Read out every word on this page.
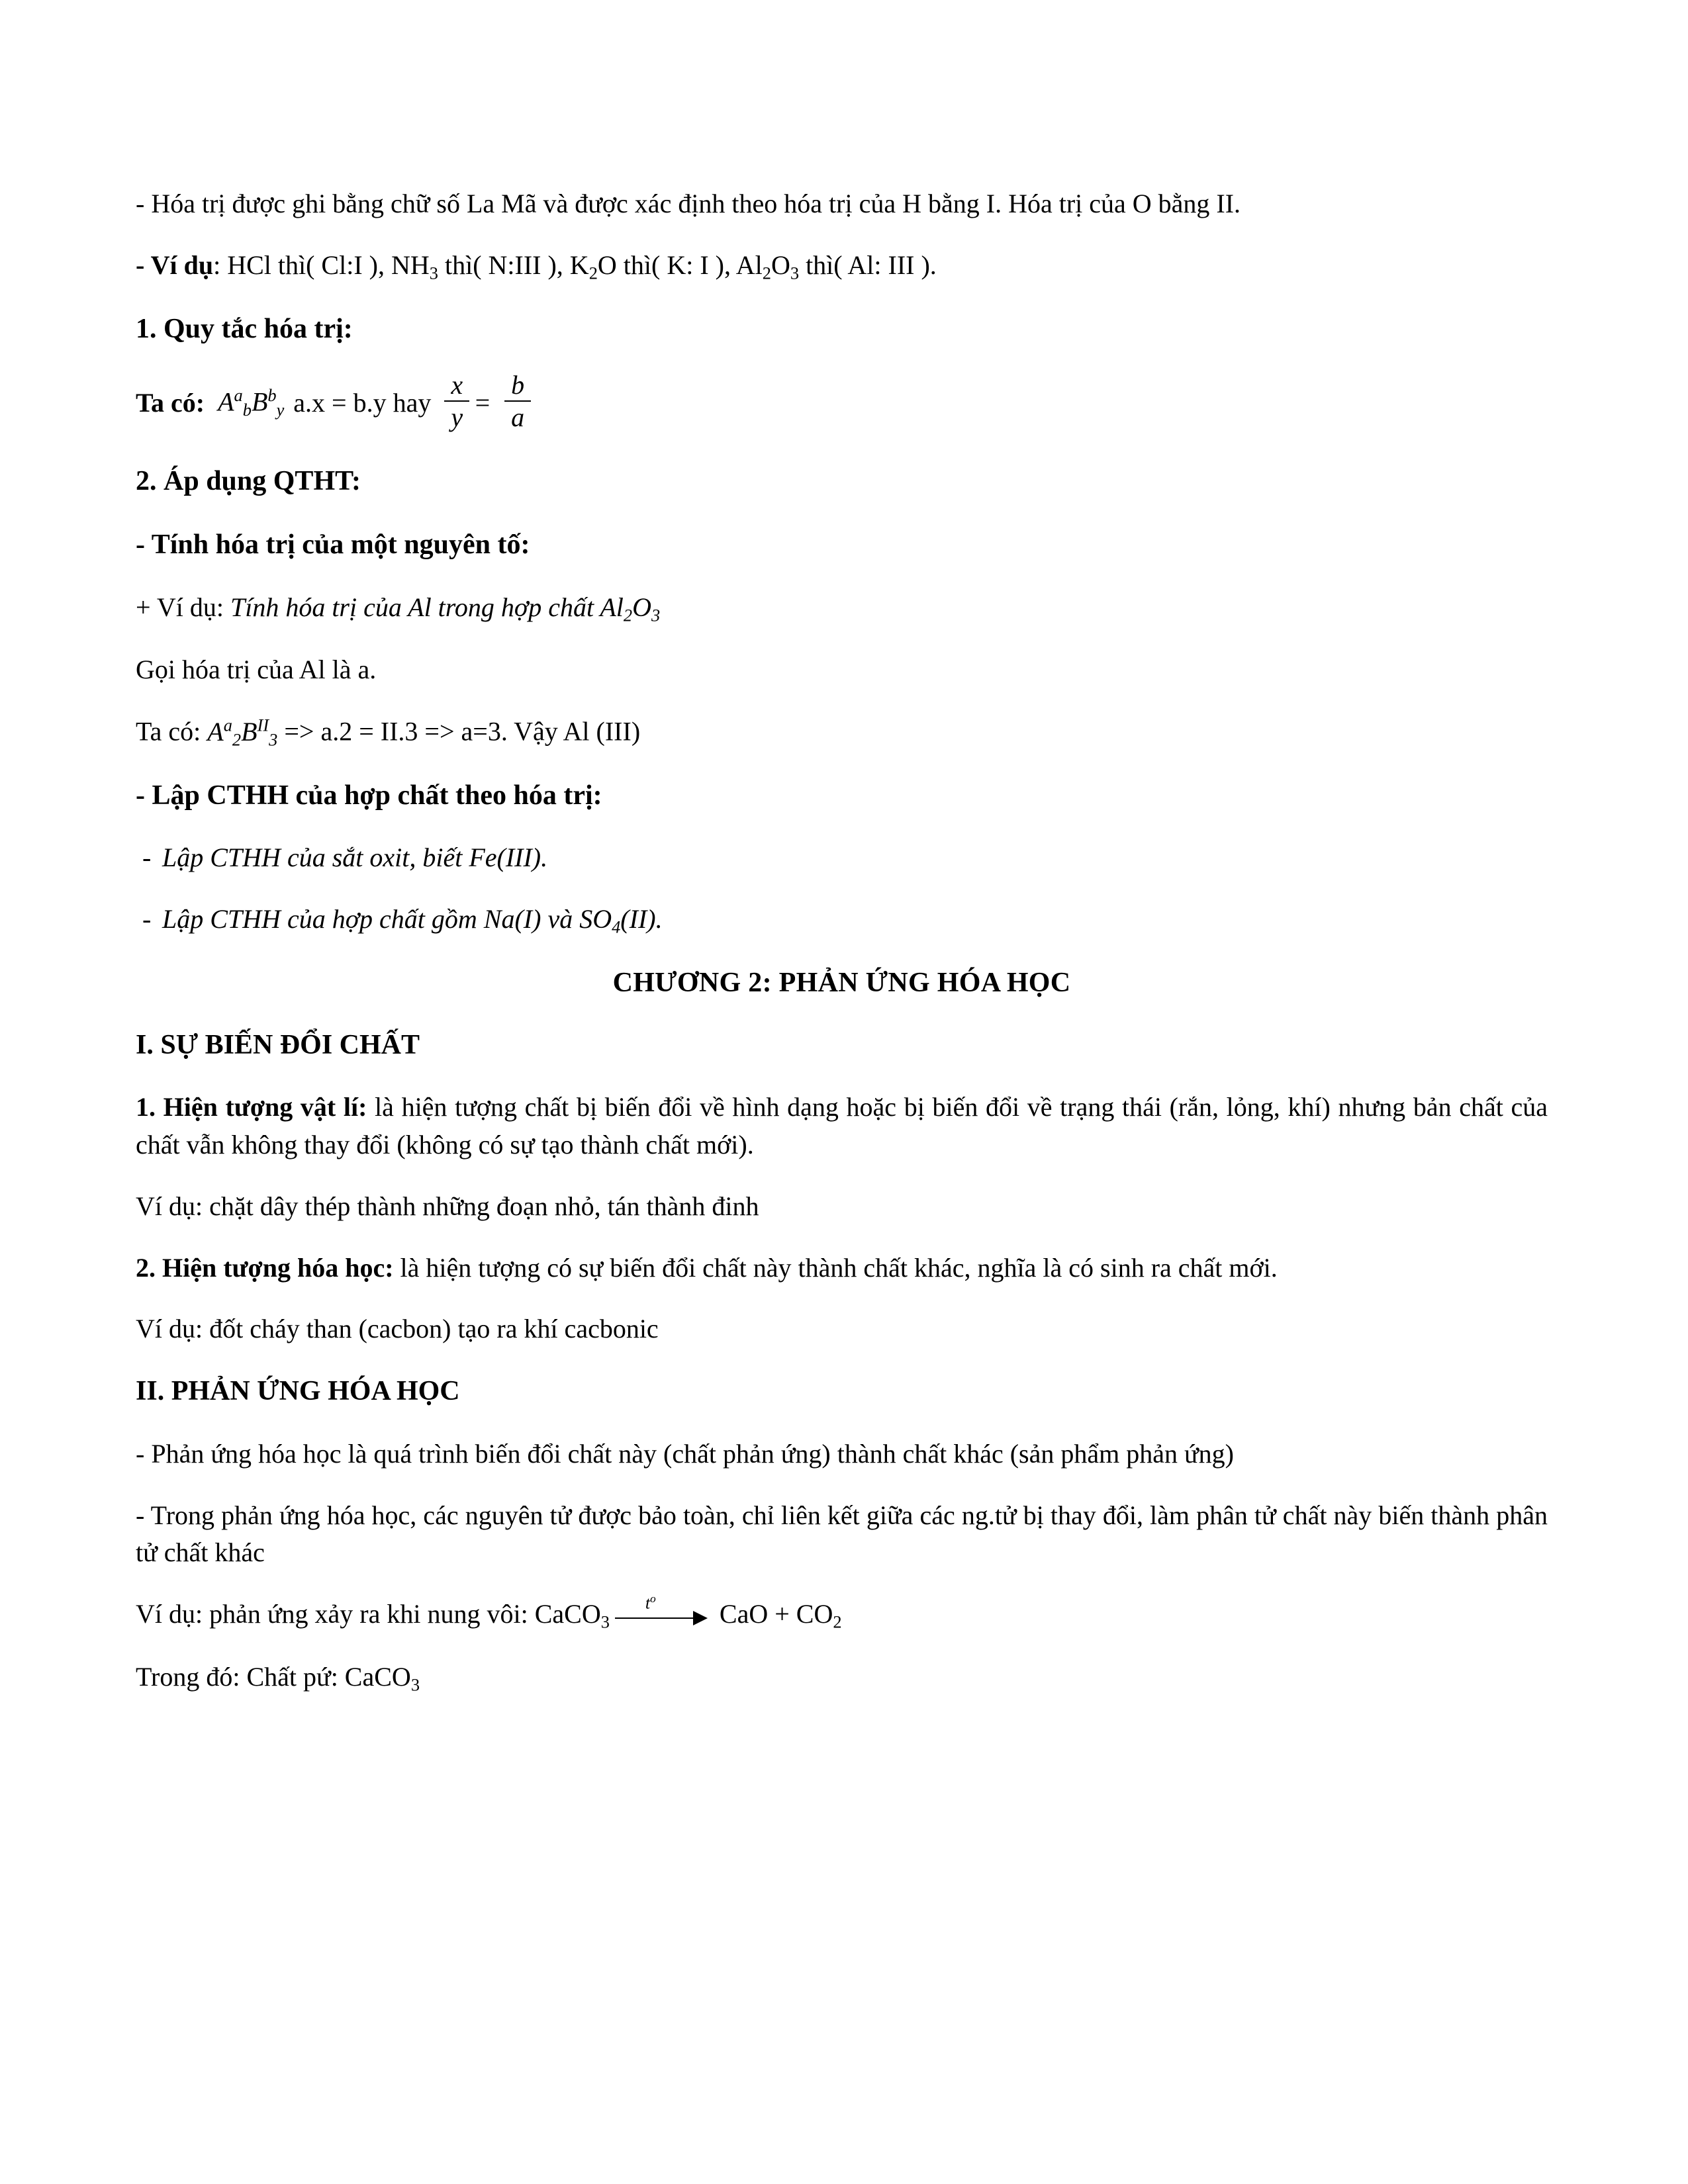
- Hóa trị được ghi bằng chữ số La Mã và được xác định theo hóa trị của H bằng I. Hóa trị của O bằng II.

- Ví dụ: HCl thì( Cl:I ), $NH_3$ thì( N:III ), $K_2O$ thì( K: I ), $Al_2O_3$ thì( Al: III ).

1. Quy tắc hóa trị:

Ta có: $A^a_bB^b_y$ a.x = b.y hay $\frac{x}{y} = \frac{b}{a}$

2. Áp dụng QTHT:

- Tính hóa trị của một nguyên tố:

+ Ví dụ: Tính hóa trị của Al trong hợp chất $Al_2O_3$

Gọi hóa trị của Al là a.

Ta có: $A^a_2B^{II}_3 => a.2 = II.3 => a=3$. Vậy Al (III)

- Lập CTHH của hợp chất theo hóa trị:

- Lập CTHH của sắt oxit, biết Fe(III).

- Lập CTHH của hợp chất gồm Na(I) và $SO_4(II)$.

CHƯƠNG 2: PHẢN ỨNG HÓA HỌC

I. SỰ BIẾN ĐỔI CHẤT

1. Hiện tượng vật lí: là hiện tượng chất bị biến đổi về hình dạng hoặc bị biến đổi về trạng thái (rắn, lỏng, khí) nhưng bản chất của chất vẫn không thay đổi (không có sự tạo thành chất mới).

Ví dụ: chặt dây thép thành những đoạn nhỏ, tán thành đinh

2. Hiện tượng hóa học: là hiện tượng có sự biến đổi chất này thành chất khác, nghĩa là có sinh ra chất mới.

Ví dụ: đốt cháy than (cacbon) tạo ra khí cacbonic

II. PHẢN ỨNG HÓA HỌC

- Phản ứng hóa học là quá trình biến đổi chất này (chất phản ứng) thành chất khác (sản phẩm phản ứng)

- Trong phản ứng hóa học, các nguyên tử được bảo toàn, chỉ liên kết giữa các ng.tử bị thay đổi, làm phân tử chất này biến thành phân tử chất khác

Ví dụ: phản ứng xảy ra khi nung vôi: CaCO$_3$
$t^o$
CaO + $CO_2$

Trong đó: Chất pứ: CaCO$_3$
